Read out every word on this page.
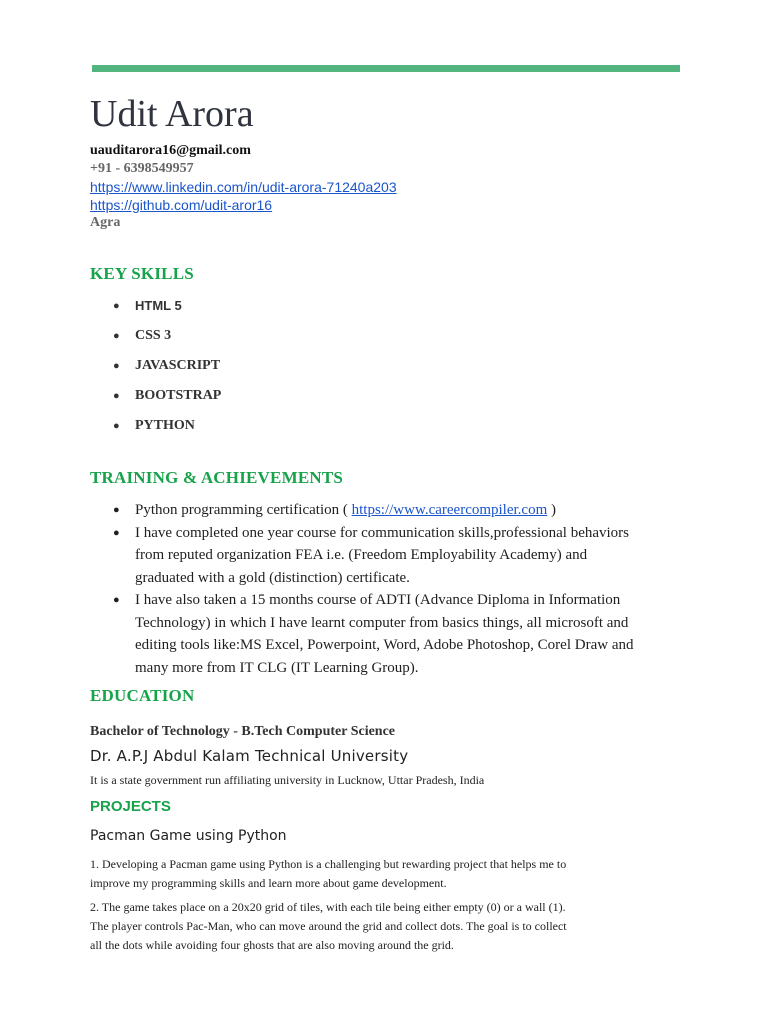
Udit Arora
uauditarora16@gmail.com
+91 - 6398549957
https://www.linkedin.com/in/udit-arora-71240a203
https://github.com/udit-aror16
Agra
KEY SKILLS
●	HTML 5
●	CSS 3
●	JAVASCRIPT
●	BOOTSTRAP
●	PYTHON
TRAINING & ACHIEVEMENTS
●	Python programming certification ( https://www.careercompiler.com )
●	I have completed one year course for communication skills,professional behaviors from reputed organization FEA i.e. (Freedom Employability Academy) and graduated with a gold (distinction) certificate.
●	I have also taken a 15 months course of ADTI (Advance Diploma in Information Technology) in which I have learnt computer from basics things, all microsoft and editing tools like:MS Excel, Powerpoint, Word, Adobe Photoshop, Corel Draw and many more from IT CLG (IT Learning Group).
EDUCATION
Bachelor of Technology - B.Tech Computer Science
Dr. A.P.J Abdul Kalam Technical University
It is a state government run affiliating university in Lucknow, Uttar Pradesh, India
PROJECTS
Pacman Game using Python
1. Developing a Pacman game using Python is a challenging but rewarding project that helps me to improve my programming skills and learn more about game development.
2. The game takes place on a 20x20 grid of tiles, with each tile being either empty (0) or a wall (1). The player controls Pac-Man, who can move around the grid and collect dots. The goal is to collect all the dots while avoiding four ghosts that are also moving around the grid.
